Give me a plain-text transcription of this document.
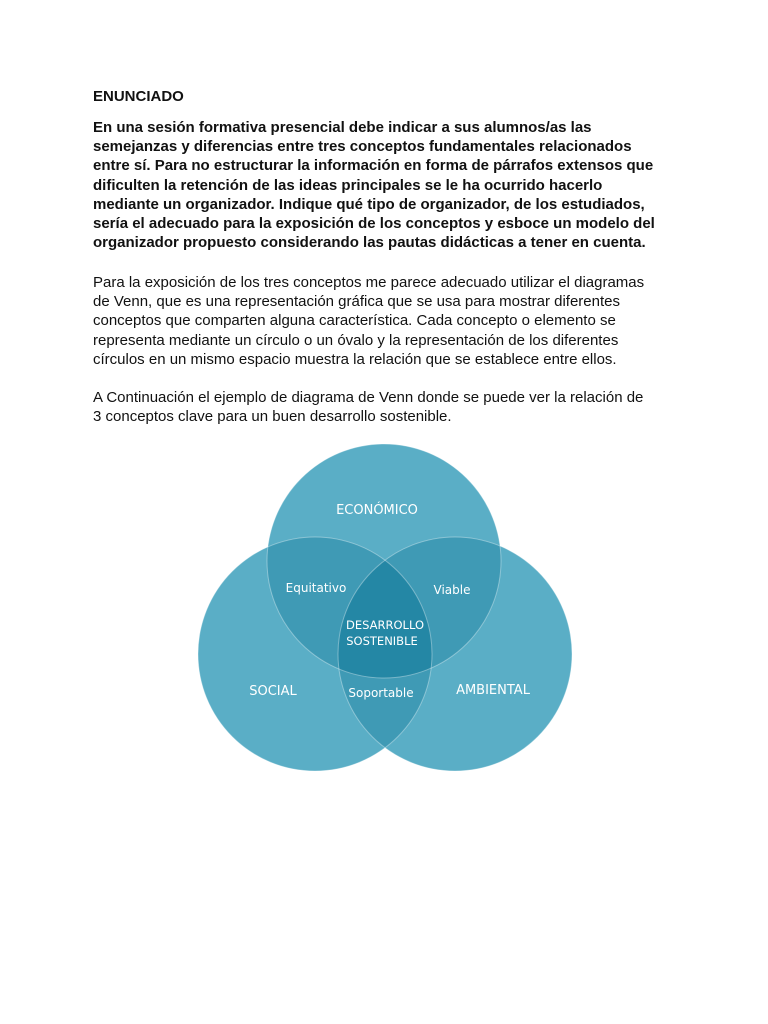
ENUNCIADO

En una sesión formativa presencial debe indicar a sus alumnos/as las
semejanzas y diferencias entre tres conceptos fundamentales relacionados
entre sí. Para no estructurar la información en forma de párrafos extensos que
dificulten la retención de las ideas principales se le ha ocurrido hacerlo
mediante un organizador. Indique qué tipo de organizador, de los estudiados,
sería el adecuado para la exposición de los conceptos y esboce un modelo del
organizador propuesto considerando las pautas didácticas a tener en cuenta.

Para la exposición de los tres conceptos me parece adecuado utilizar el diagramas
de Venn, que es una representación gráfica que se usa para mostrar diferentes
conceptos que comparten alguna característica. Cada concepto o elemento se
representa mediante un círculo o un óvalo y la representación de los diferentes
círculos en un mismo espacio muestra la relación que se establece entre ellos.

A Continuación el ejemplo de diagrama de Venn donde se puede ver la relación de
3 conceptos clave para un buen desarrollo sostenible.

ECONÓMICO
SOCIAL	AMBIENTAL
Equitativo	Viable
Soportable
DESARROLLO
SOSTENIBLE
